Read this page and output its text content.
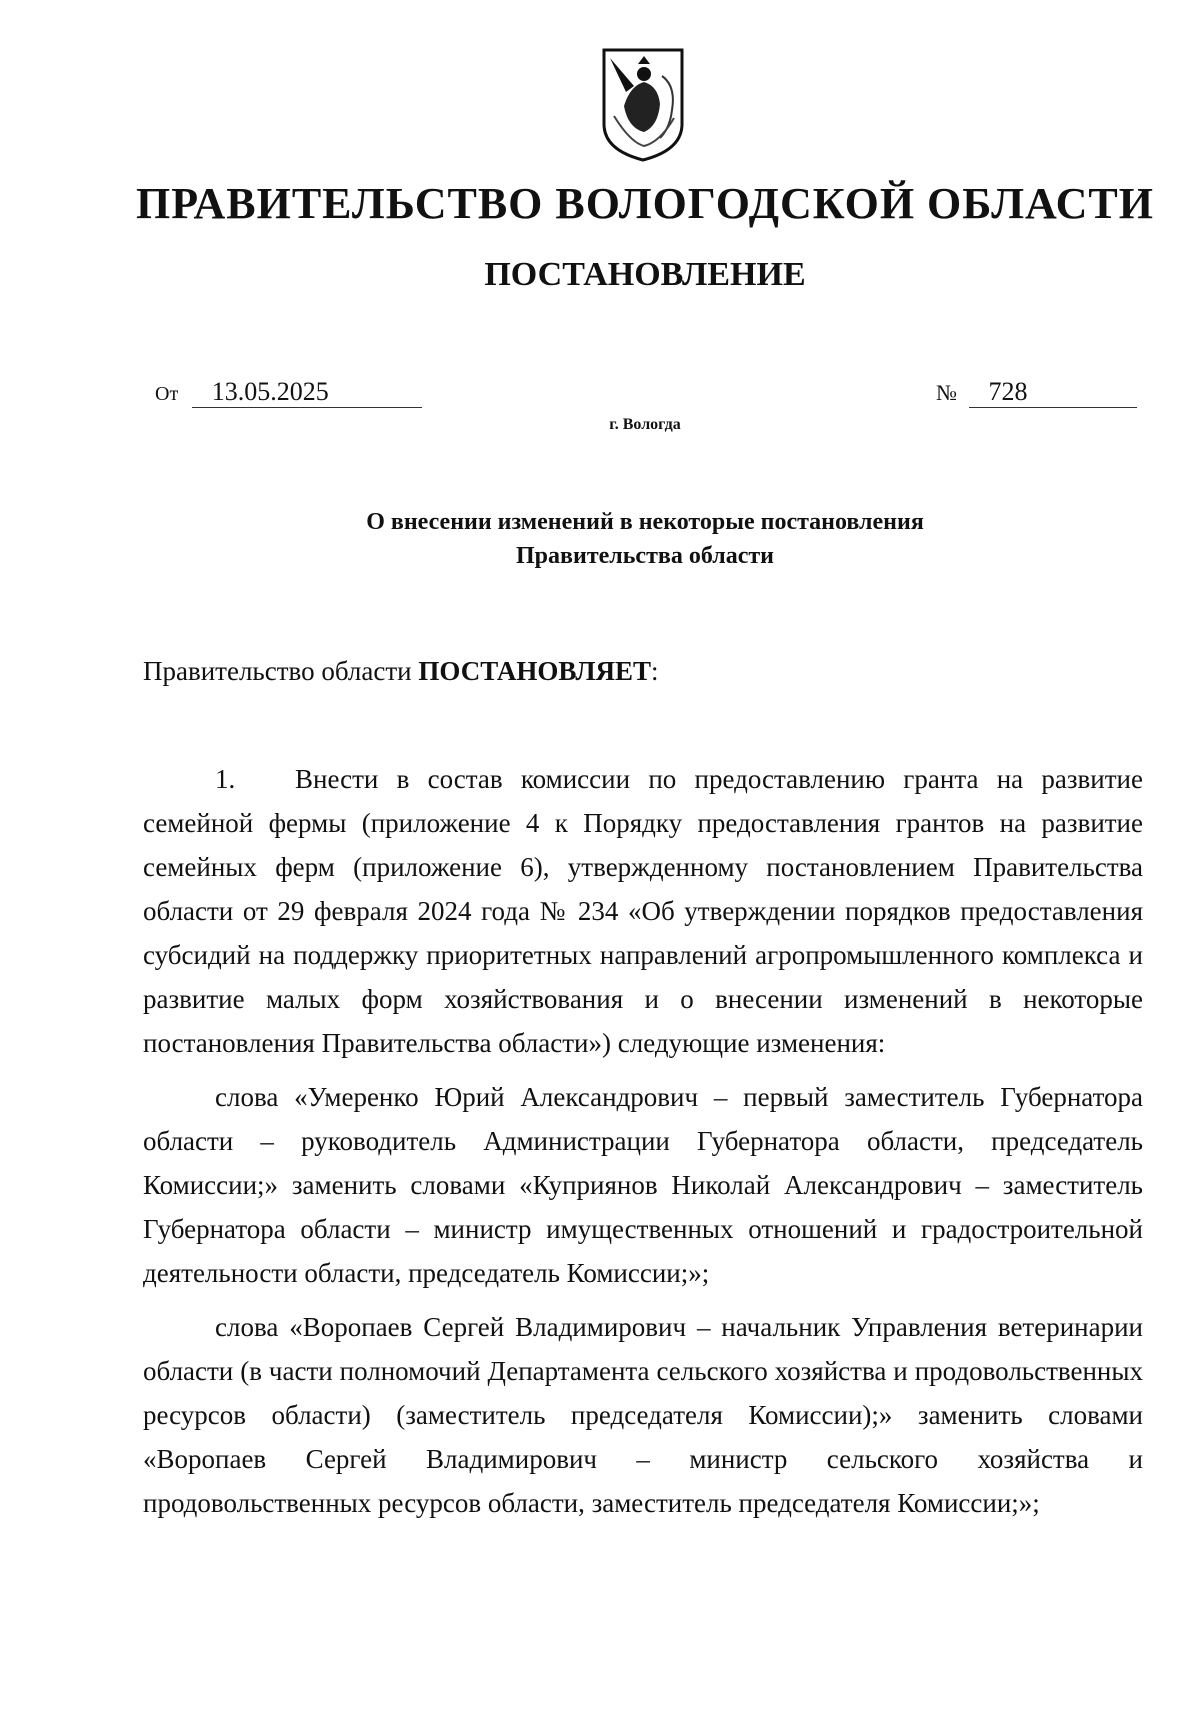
ПРАВИТЕЛЬСТВО ВОЛОГОДСКОЙ ОБЛАСТИ
ПОСТАНОВЛЕНИЕ
От 13.05.2025	№ 728
г. Вологда
О внесении изменений в некоторые постановления
Правительства области
Правительство области ПОСТАНОВЛЯЕТ:

1. Внести в состав комиссии по предоставлению гранта на развитие семейной фермы (приложение 4 к Порядку предоставления грантов на развитие семейных ферм (приложение 6), утвержденному постановлением Правительства области от 29 февраля 2024 года № 234 «Об утверждении порядков предоставления субсидий на поддержку приоритетных направлений агропромышленного комплекса и развитие малых форм хозяйствования и о внесении изменений в некоторые постановления Правительства области») следующие изменения:

слова «Умеренко Юрий Александрович – первый заместитель Губернатора области – руководитель Администрации Губернатора области, председатель Комиссии;» заменить словами «Куприянов Николай Александрович – заместитель Губернатора области – министр имущественных отношений и градостроительной деятельности области, председатель Комиссии;»;

слова «Воропаев Сергей Владимирович – начальник Управления ветеринарии области (в части полномочий Департамента сельского хозяйства и продовольственных ресурсов области) (заместитель председателя Комиссии);» заменить словами «Воропаев Сергей Владимирович – министр сельского хозяйства и продовольственных ресурсов области, заместитель председателя Комиссии;»;
